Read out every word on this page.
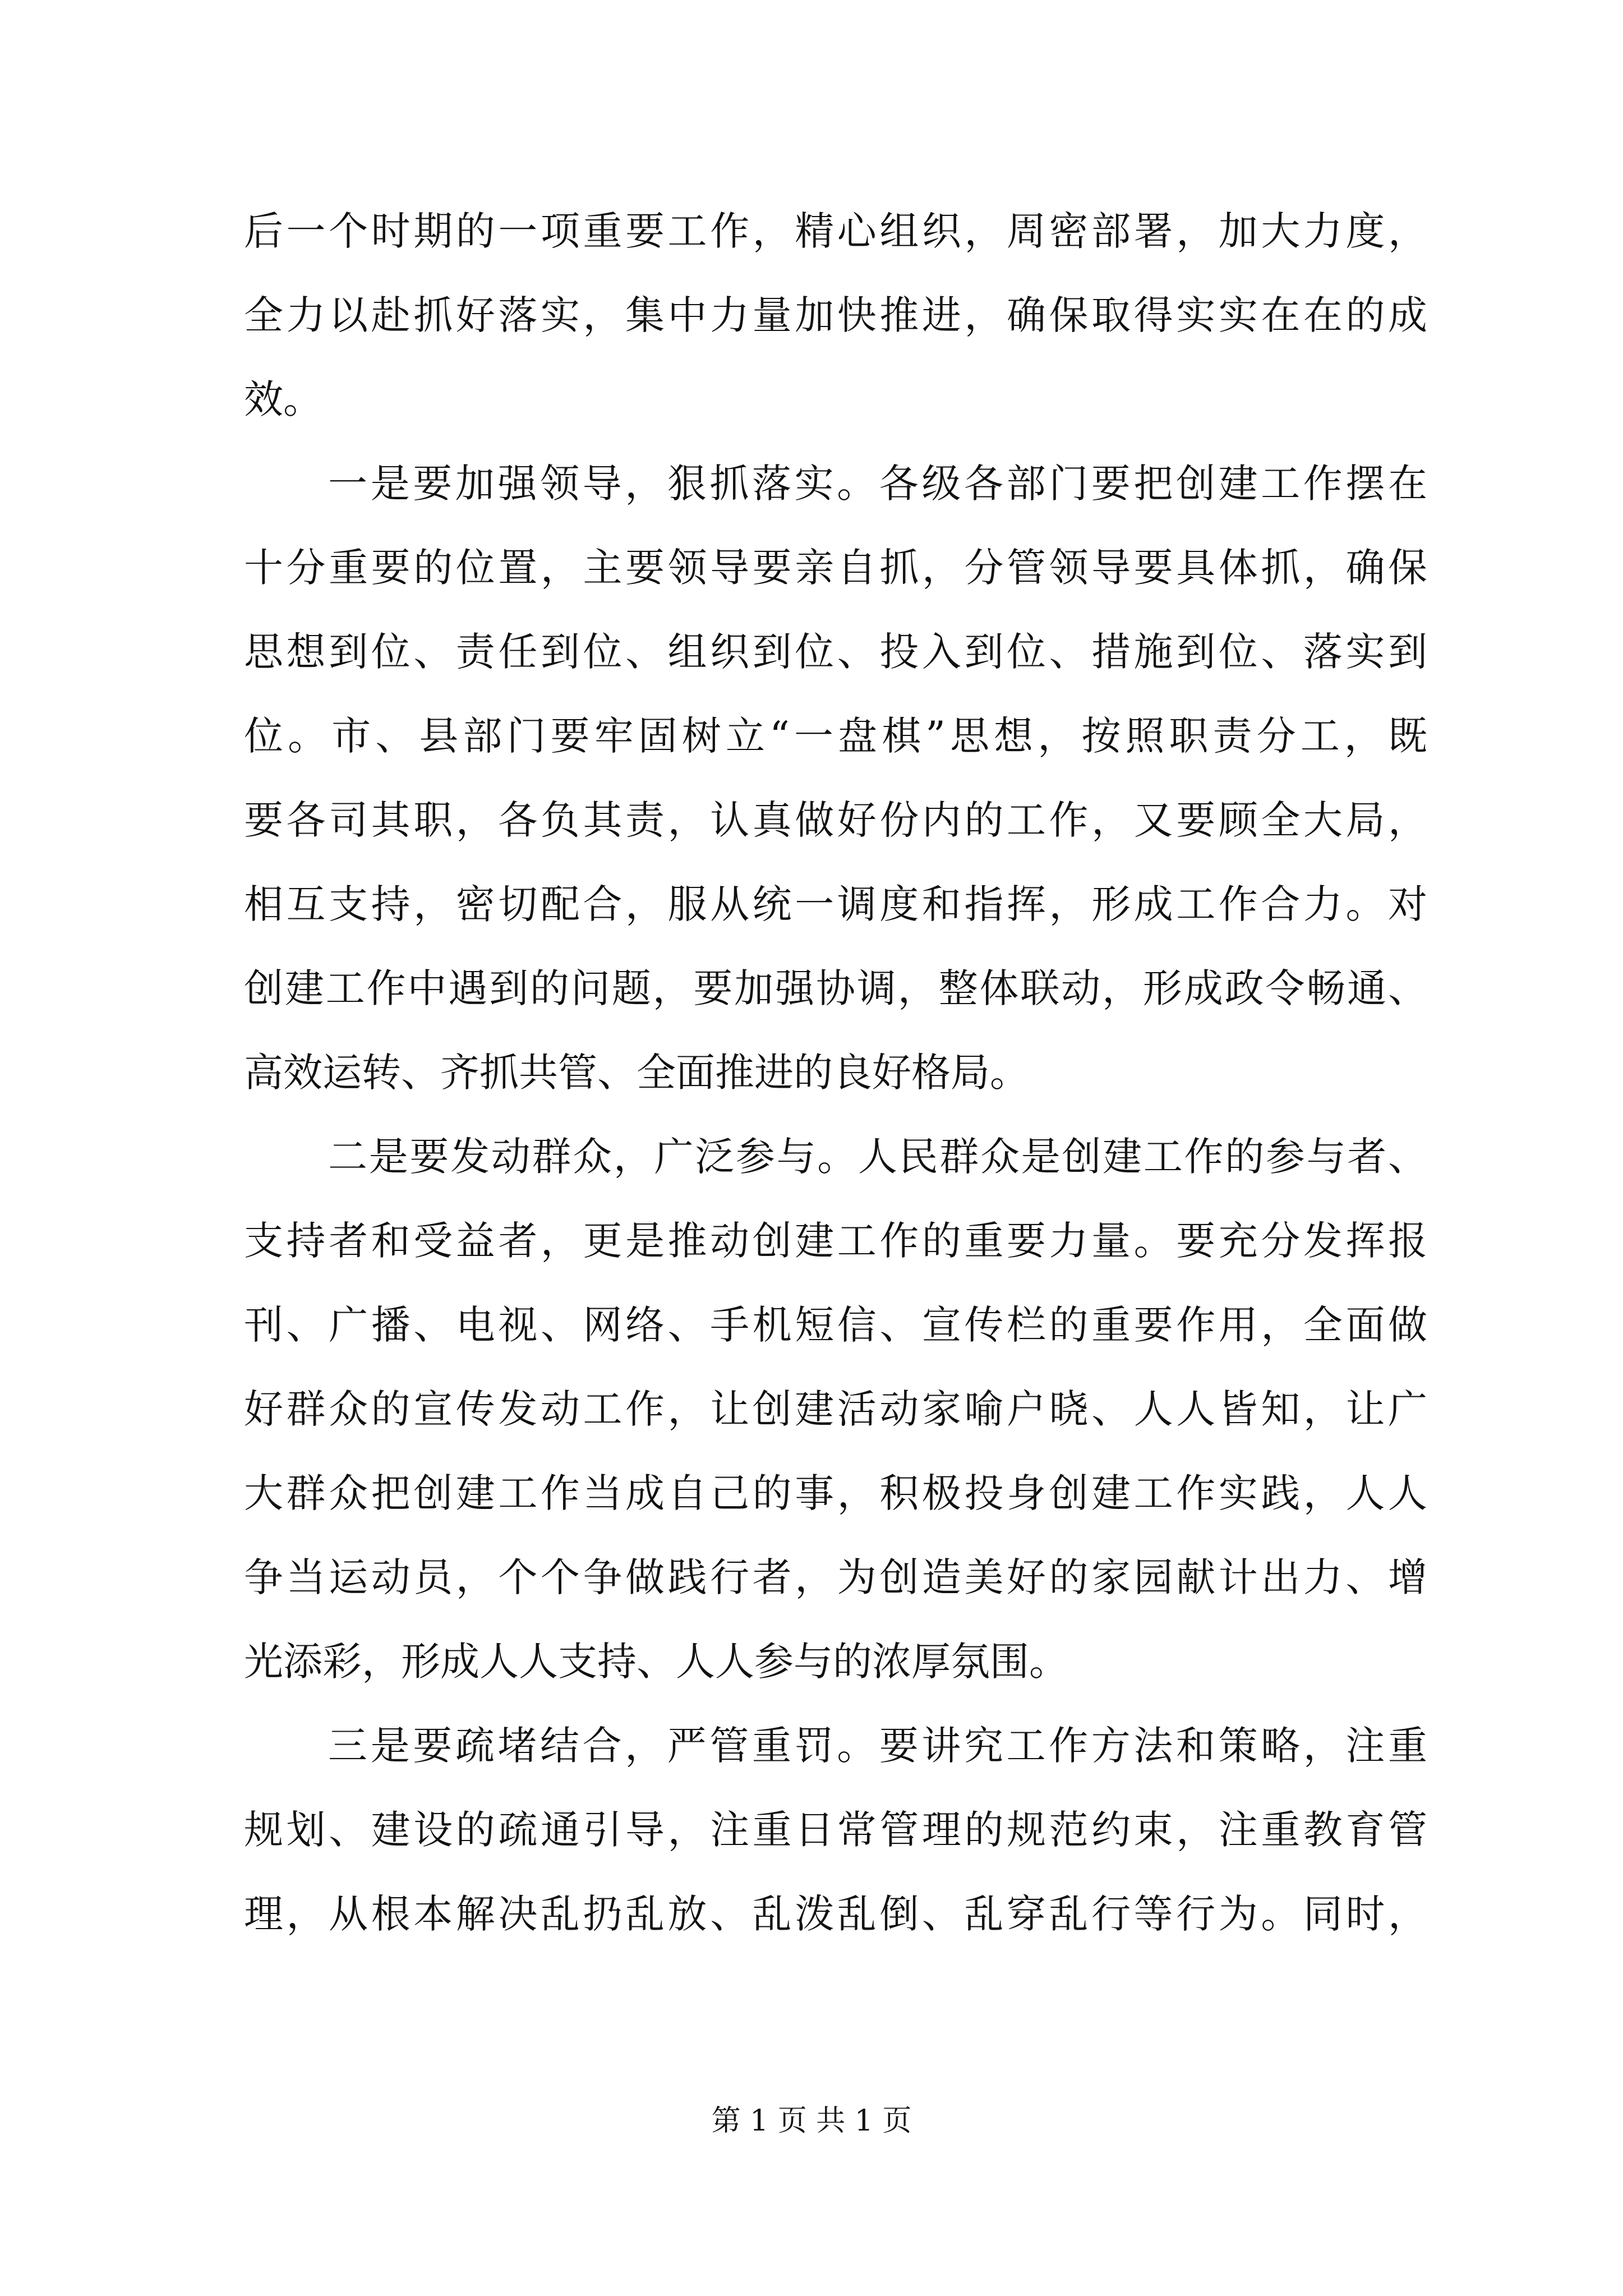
后一个时期的一项重要工作，精心组织，周密部署，加大力度，
全力以赴抓好落实，集中力量加快推进，确保取得实实在在的成
效。
一是要加强领导，狠抓落实。各级各部门要把创建工作摆在
十分重要的位置，主要领导要亲自抓，分管领导要具体抓，确保
思想到位、责任到位、组织到位、投入到位、措施到位、落实到
位。市、县部门要牢固树立“一盘棋”思想，按照职责分工，既
要各司其职，各负其责，认真做好份内的工作，又要顾全大局，
相互支持，密切配合，服从统一调度和指挥，形成工作合力。对
创建工作中遇到的问题，要加强协调，整体联动，形成政令畅通、
高效运转、齐抓共管、全面推进的良好格局。
二是要发动群众，广泛参与。人民群众是创建工作的参与者、
支持者和受益者，更是推动创建工作的重要力量。要充分发挥报
刊、广播、电视、网络、手机短信、宣传栏的重要作用，全面做
好群众的宣传发动工作，让创建活动家喻户晓、人人皆知，让广
大群众把创建工作当成自己的事，积极投身创建工作实践，人人
争当运动员，个个争做践行者，为创造美好的家园献计出力、增
光添彩，形成人人支持、人人参与的浓厚氛围。
三是要疏堵结合，严管重罚。要讲究工作方法和策略，注重
规划、建设的疏通引导，注重日常管理的规范约束，注重教育管
理，从根本解决乱扔乱放、乱泼乱倒、乱穿乱行等行为。同时，
第 1 页 共 1 页
